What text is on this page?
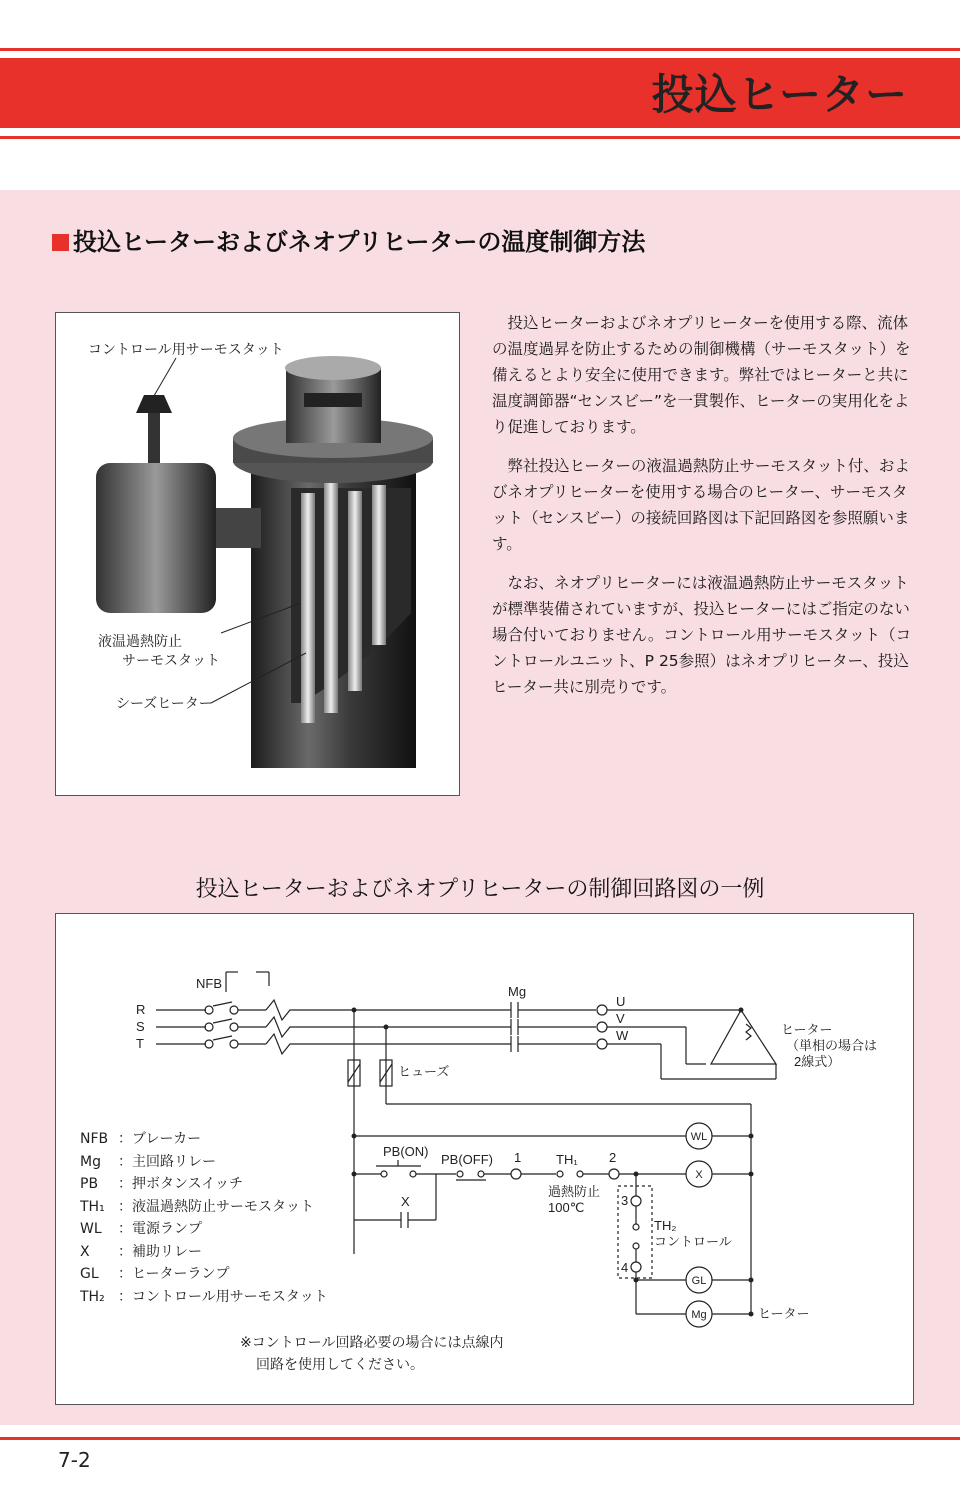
投込ヒーター
投込ヒーターおよびネオプリヒーターの温度制御方法
コントロール用サーモスタット
液温過熱防止
サーモスタット
シーズヒーター

投込ヒーターおよびネオプリヒーターを使用する際、流体の温度過昇を防止するための制御機構（サーモスタット）を備えるとより安全に使用できます。弊社ではヒーターと共に温度調節器“センスビー”を一貫製作、ヒーターの実用化をより促進しております。

弊社投込ヒーターの液温過熱防止サーモスタット付、およびネオプリヒーターを使用する場合のヒーター、サーモスタット（センスビー）の接続回路図は下記回路図を参照願います。

なお、ネオプリヒーターには液温過熱防止サーモスタットが標準装備されていますが、投込ヒーターにはご指定のない場合付いておりません。コントロール用サーモスタット（コントロールユニット、P 25参照）はネオプリヒーター、投込ヒーター共に別売りです。

投込ヒーターおよびネオプリヒーターの制御回路図の一例
NFB
R
S
T
Mg
U
V
W	ヒーター
（単相の場合は
2線式）
ヒューズ
PB(ON)
PB(OFF) 1	TH₁ 2
過熱防止
100℃
X	3
4
TH₂
コントロール
WL
X
GL
Mg	ヒーター
NFB ：ブレーカー
Mg ：主回路リレー
PB ：押ボタンスイッチ
TH₁ ：液温過熱防止サーモスタット
WL ：電源ランプ
X ：補助リレー
GL ：ヒーターランプ
TH₂ ：コントロール用サーモスタット
※コントロール回路必要の場合には点線内
回路を使用してください。
7-2
